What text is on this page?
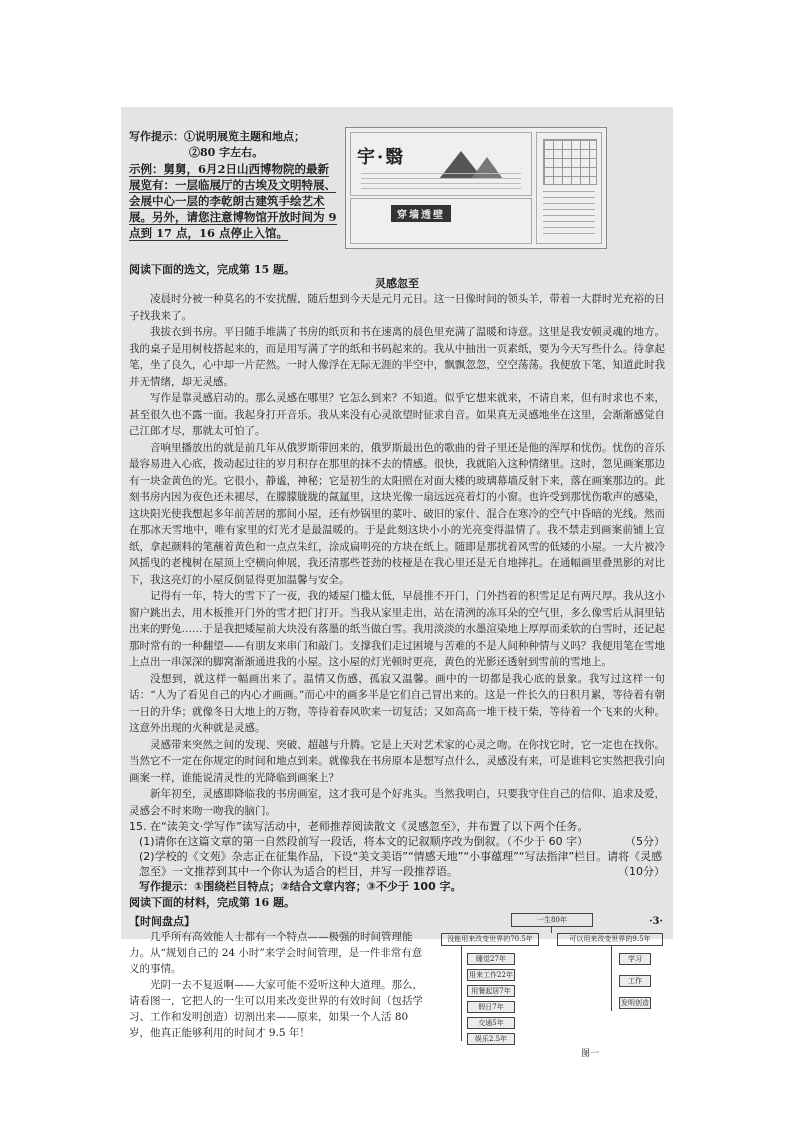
写作提示：①说明展览主题和地点；
②80 字左右。
示例：舅舅，6月2日山西博物院的最新展览有：一层临展厅的古埃及文明特展、会展中心一层的李乾朗古建筑手绘艺术展。另外，请您注意博物馆开放时间为 9 点到 17 点，16 点停止入馆。
宇·翳
穿墙透壁
阅读下面的选文，完成第 15 题。
灵感忽至

凌晨时分被一种莫名的不安扰醒，随后想到今天是元月元日。这一日像时间的领头羊，带着一大群时光充裕的日子找我来了。

我拔衣到书房。平日随手堆满了书房的纸页和书在速离的晨色里充满了温暖和诗意。这里是我安顿灵魂的地方。我的桌子是用树枝搭起来的，而是用写满了字的纸和书码起来的。我从中抽出一页素纸，要为今天写些什么。待拿起笔，坐了良久，心中却一片茫然。一时人像浮在无际无涯的半空中，飘飘忽忽，空空荡荡。我便放下笔，知道此时我并无情绪，却无灵感。

写作是靠灵感启动的。那么灵感在哪里？它怎么到来？不知道。似乎它想来就来，不请自来，但有时求也不来，甚至很久也不露一面。我起身打开音乐。我从来没有心灵欲望时征求自音。如果真无灵感地坐在这里，会渐渐感觉自己江郎才尽，那就太可怕了。

音响里播放出的就是前几年从俄罗斯带回来的，俄罗斯最出色的歌曲的骨子里还是他的浑厚和忧伤。忧伤的音乐最容易进入心底，拨动起过往的岁月积存在那里的抹不去的情感。很快，我就陷入这种情绪里。这时，忽见画案那边有一块金黄色的光。它很小，静谧，神秘；它是初生的太阳照在对面大楼的玻璃幕墙反射下来，落在画案那边的。此刻书房内因为夜色还未褪尽，在朦朦胧胧的氤氲里，这块光像一扇远远亮着灯的小窗。也许受到那忧伤歌声的感染，这块阳光使我想起多年前苦居的那间小屋，还有炒锅里的菜叶、破旧的家什、混合在寒冷的空气中昏暗的光线。然而在那冰天雪地中，唯有家里的灯光才是最温暖的。于是此刻这块小小的光亮变得温情了。我不禁走到画案前铺上宣纸，拿起颜料的笔蘸着黄色和一点点朱红，涂成扁明亮的方块在纸上。随即是那扰着风雪的低矮的小屋。一大片被冷风摇曳的老槐树在屋顶上空横向伸展，我还清那些苍劲的枝桠是在我心里还是无自地摔扎。在通幅画里叠黑影的对比下，我这亮灯的小屋反倒显得更加温馨与安全。

记得有一年，特大的雪下了一夜，我的矮屋门槛太低，早晨推不开门，门外挡着的积雪足足有两尺厚。我从这小窗户跳出去，用木板推开门外的雪才把门打开。当我从家里走出，站在清洌的冻耳朵的空气里，多么像雪后从洞里钻出来的野兔……于是我把矮屋前大块没有落墨的纸当做白雪。我用淡淡的水墨渲染地上厚厚而柔软的白雪时，还记起那时常有的一种翻望——有朋友来串门和敲门。支撑我们走过困境与苦难的不是人间种种情与义吗？我便用笔在雪地上点出一串深深的脚窝渐渐通进我的小屋。这小屋的灯光顿时更亮，黄色的光影还透射到雪前的雪地上。

没想到，就这样一幅画出来了。温情又伤感，孤寂又温馨。画中的一切都是我心底的景象。我写过这样一句话：“人为了看见自己的内心才画画。”而心中的画多半是它们自己冒出来的。这是一件长久的日积月累，等待着有朝一日的升华；就像冬日大地上的万物，等待着春风吹来一切复活；又如高高一堆干枝干柴，等待着一个飞来的火种。这意外出现的火种就是灵感。

灵感带来突然之间的发现、突破、超越与升腾。它是上天对艺术家的心灵之吻。在你找它时，它一定也在找你。当然它不一定在你规定的时间和地点到来。就像我在书房原本是想写点什么，灵感没有来，可是谁料它实然把我引向画案一样，谁能说清灵性的光降临到画案上？

新年初至，灵感即降临我的书房画室，这才我可是个好兆头。当然我明白，只要我守住自己的信仰、追求及爱，灵感会不时来吻一吻我的脑门。

15. 在“读美文·学写作”读写活动中，老师推荐阅读散文《灵感忽至》，并布置了以下两个任务。
(1)请你在这篇文章的第一自然段前写一段话，将本文的记叙顺序改为倒叙。（不少于 60 字）	（5分）
(2)学校的《文苑》杂志正在征集作品，下设“美文美语”“情感天地”“小事蕴理”“写法指津”栏目。请将《灵感忽至》一文推荐到其中一个你认为适合的栏目，并写一段推荐语。	（10分）
写作提示：①围绕栏目特点；②结合文章内容；③不少于 100 字。
阅读下面的材料，完成第 16 题。
【时间盘点】

几乎所有高效能人士都有一个特点——极强的时间管理能力。从“规划自己的 24 小时”来学会时间管理，是一件非常有意义的事情。

光阴一去不复返啊——大家可能不爱听这种大道理。那么，请看图一，它把人的一生可以用来改变世界的有效时间（包括学习、工作和发明创造）切割出来——原来，如果一个人活 80 岁，他真正能够利用的时间才 9.5 年！

一生80年
没能用来改变世界的70.5年	可以用来改变世界的9.5年
睡觉27年
用来工作22年
用餐起居7年
假日7年
交通5年
娱乐2.5年
学习
工作
发明创造
图一
·3·
